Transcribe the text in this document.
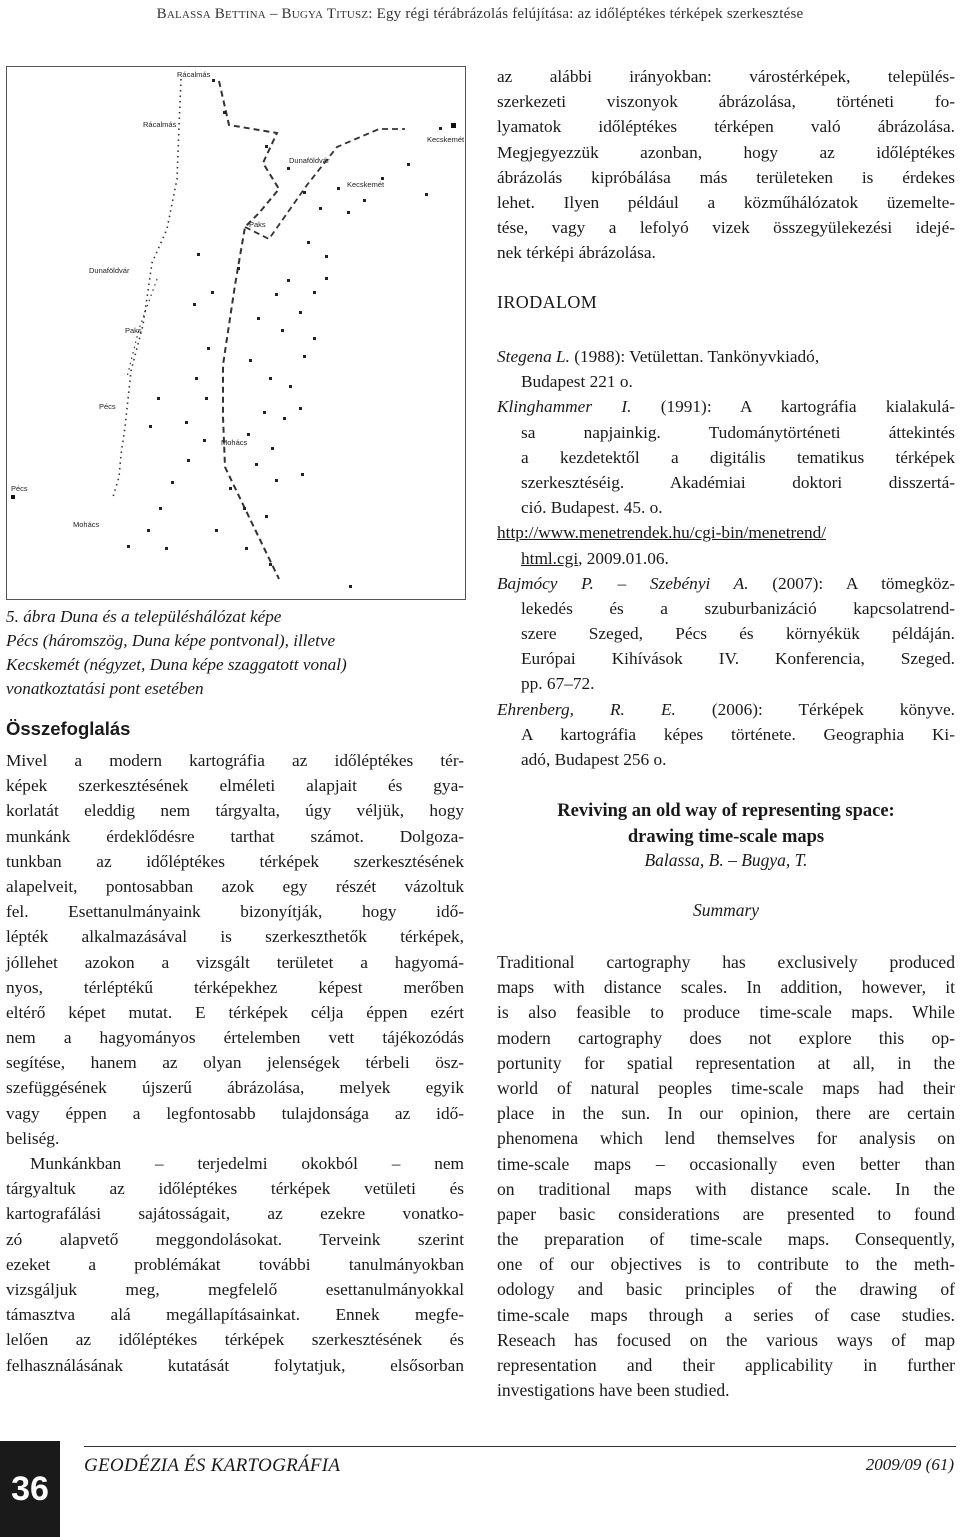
Balassa Bettina – Bugya Titusz: Egy régi térábrázolás felújítása: az időléptékes térképek szerkesztése
Rácalmás
Rácalmás
Kecskemét
Dunaföldvár
Kecskemét
Paks
Dunaföldvár
Paks
Pécs
Mohács
Pécs
Mohács
5. ábra Duna és a településhálózat képe
Pécs (háromszög, Duna képe pontvonal), illetve
Kecskemét (négyzet, Duna képe szaggatott vonal)
vonatkoztatási pont esetében
Összefoglalás
Mivel a modern kartográfia az időléptékes tér-
képek szerkesztésének elméleti alapjait és gya-
korlatát eleddig nem tárgyalta, úgy véljük, hogy
munkánk érdeklődésre tarthat számot. Dolgoza-
tunkban az időléptékes térképek szerkesztésének
alapelveit, pontosabban azok egy részét vázoltuk
fel. Esettanulmányaink bizonyítják, hogy idő-
lépték alkalmazásával is szerkeszthetők térképek,
jóllehet azokon a vizsgált területet a hagyomá-
nyos, térléptékű térképekhez képest merőben
eltérő képet mutat. E térképek célja éppen ezért
nem a hagyományos értelemben vett tájékozódás
segítése, hanem az olyan jelenségek térbeli ösz-
szefüggésének újszerű ábrázolása, melyek egyik
vagy éppen a legfontosabb tulajdonsága az idő-
beliség.
Munkánkban – terjedelmi okokból – nem
tárgyaltuk az időléptékes térképek vetületi és
kartografálási sajátosságait, az ezekre vonatko-
zó alapvető meggondolásokat. Terveink szerint
ezeket a problémákat további tanulmányokban
vizsgáljuk meg, megfelelő esettanulmányokkal
támasztva alá megállapításainkat. Ennek megfe-
lelően az időléptékes térképek szerkesztésének és
felhasználásának kutatását folytatjuk, elsősorban
az alábbi irányokban: várostérképek, település-
szerkezeti viszonyok ábrázolása, történeti fo-
lyamatok időléptékes térképen való ábrázolása.
Megjegyezzük azonban, hogy az időléptékes
ábrázolás kipróbálása más területeken is érdekes
lehet. Ilyen például a közműhálózatok üzemelte-
tése, vagy a lefolyó vizek összegyülekezési idejé-
nek térképi ábrázolása.
IRODALOM
Stegena L. (1988): Vetülettan. Tankönyvkiadó,
Budapest 221 o.
Klinghammer I. (1991): A kartográfia kialakulá-
sa napjainkig. Tudománytörténeti áttekintés
a kezdetektől a digitális tematikus térképek
szerkesztéséig. Akadémiai doktori disszertá-
ció. Budapest. 45. o.
http://www.menetrendek.hu/cgi-bin/menetrend/
html.cgi, 2009.01.06.
Bajmócy P. – Szebényi A. (2007): A tömegköz-
lekedés és a szuburbanizáció kapcsolatrend-
szere Szeged, Pécs és környékük példáján.
Európai Kihívások IV. Konferencia, Szeged.
pp. 67–72.
Ehrenberg, R. E. (2006): Térképek könyve.
A kartográfia képes története. Geographia Ki-
adó, Budapest 256 o.
Reviving an old way of representing space:
drawing time-scale maps
Balassa, B. – Bugya, T.
Summary
Traditional cartography has exclusively produced
maps with distance scales. In addition, however, it
is also feasible to produce time-scale maps. While
modern cartography does not explore this op-
portunity for spatial representation at all, in the
world of natural peoples time-scale maps had their
place in the sun. In our opinion, there are certain
phenomena which lend themselves for analysis on
time-scale maps – occasionally even better than
on traditional maps with distance scale. In the
paper basic considerations are presented to found
the preparation of time-scale maps. Consequently,
one of our objectives is to contribute to the meth-
odology and basic principles of the drawing of
time-scale maps through a series of case studies.
Reseach has focused on the various ways of map
representation and their applicability in further
investigations have been studied.
36
GEODÉZIA ÉS KARTOGRÁFIA	2009/09 (61)
